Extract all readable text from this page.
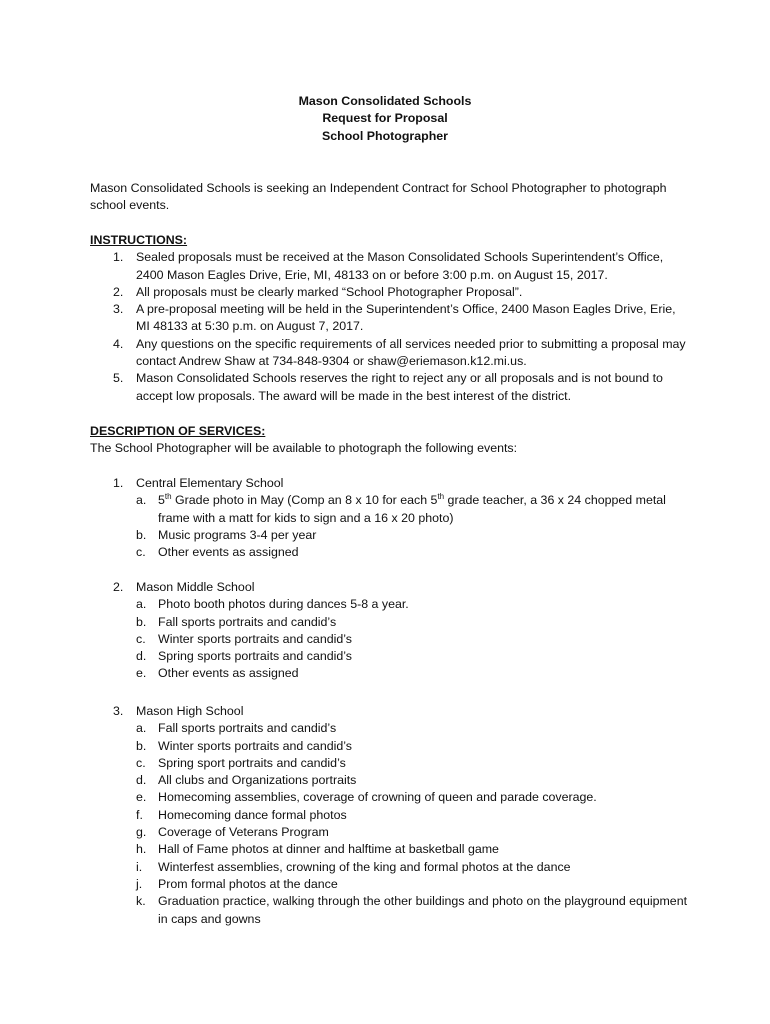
Mason Consolidated Schools
Request for Proposal
School Photographer
Mason Consolidated Schools is seeking an Independent Contract for School Photographer to photograph school events.
INSTRUCTIONS:
1. Sealed proposals must be received at the Mason Consolidated Schools Superintendent’s Office, 2400 Mason Eagles Drive, Erie, MI, 48133 on or before 3:00 p.m. on August 15, 2017.
2. All proposals must be clearly marked “School Photographer Proposal”.
3. A pre-proposal meeting will be held in the Superintendent’s Office, 2400 Mason Eagles Drive, Erie, MI 48133 at 5:30 p.m. on August 7, 2017.
4. Any questions on the specific requirements of all services needed prior to submitting a proposal may contact Andrew Shaw at 734-848-9304 or shaw@eriemason.k12.mi.us.
5. Mason Consolidated Schools reserves the right to reject any or all proposals and is not bound to accept low proposals. The award will be made in the best interest of the district.
DESCRIPTION OF SERVICES:
The School Photographer will be available to photograph the following events:
1. Central Elementary School
a. 5th Grade photo in May (Comp an 8 x 10 for each 5th grade teacher, a 36 x 24 chopped metal frame with a matt for kids to sign and a 16 x 20 photo)
b. Music programs 3-4 per year
c. Other events as assigned
2. Mason Middle School
a. Photo booth photos during dances 5-8 a year.
b. Fall sports portraits and candid’s
c. Winter sports portraits and candid’s
d. Spring sports portraits and candid’s
e. Other events as assigned
3. Mason High School
a. Fall sports portraits and candid’s
b. Winter sports portraits and candid’s
c. Spring sport portraits and candid’s
d. All clubs and Organizations portraits
e. Homecoming assemblies, coverage of crowning of queen and parade coverage.
f. Homecoming dance formal photos
g. Coverage of Veterans Program
h. Hall of Fame photos at dinner and halftime at basketball game
i. Winterfest assemblies, crowning of the king and formal photos at the dance
j. Prom formal photos at the dance
k. Graduation practice, walking through the other buildings and photo on the playground equipment in caps and gowns
